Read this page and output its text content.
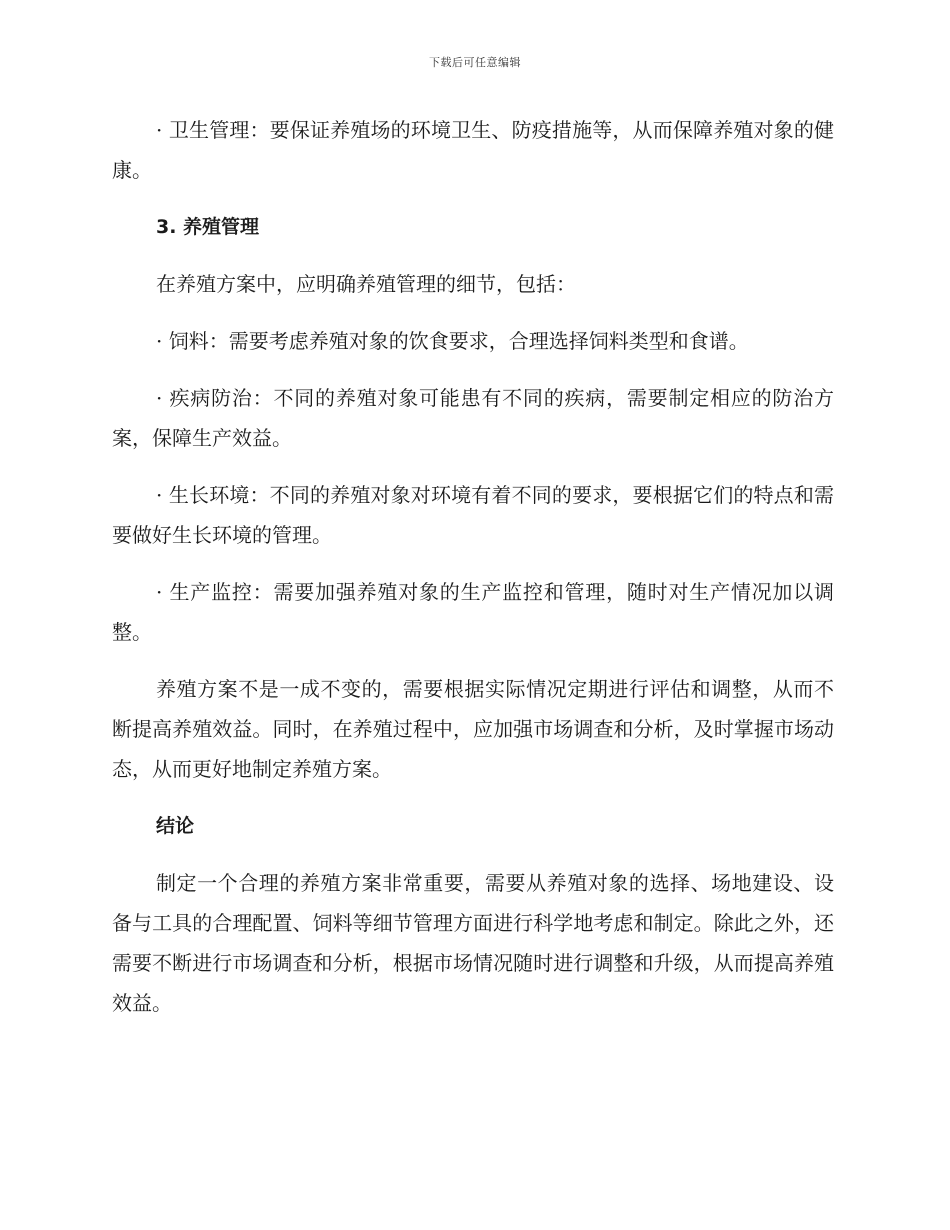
下载后可任意编辑

· 卫生管理：要保证养殖场的环境卫生、防疫措施等，从而保障养殖对象的健康。

3. 养殖管理

在养殖方案中，应明确养殖管理的细节，包括：

· 饲料：需要考虑养殖对象的饮食要求，合理选择饲料类型和食谱。

· 疾病防治：不同的养殖对象可能患有不同的疾病，需要制定相应的防治方案，保障生产效益。

· 生长环境：不同的养殖对象对环境有着不同的要求，要根据它们的特点和需要做好生长环境的管理。

· 生产监控：需要加强养殖对象的生产监控和管理，随时对生产情况加以调整。

养殖方案不是一成不变的，需要根据实际情况定期进行评估和调整，从而不断提高养殖效益。同时，在养殖过程中，应加强市场调查和分析，及时掌握市场动态，从而更好地制定养殖方案。

结论

制定一个合理的养殖方案非常重要，需要从养殖对象的选择、场地建设、设备与工具的合理配置、饲料等细节管理方面进行科学地考虑和制定。除此之外，还需要不断进行市场调查和分析，根据市场情况随时进行调整和升级，从而提高养殖效益。
